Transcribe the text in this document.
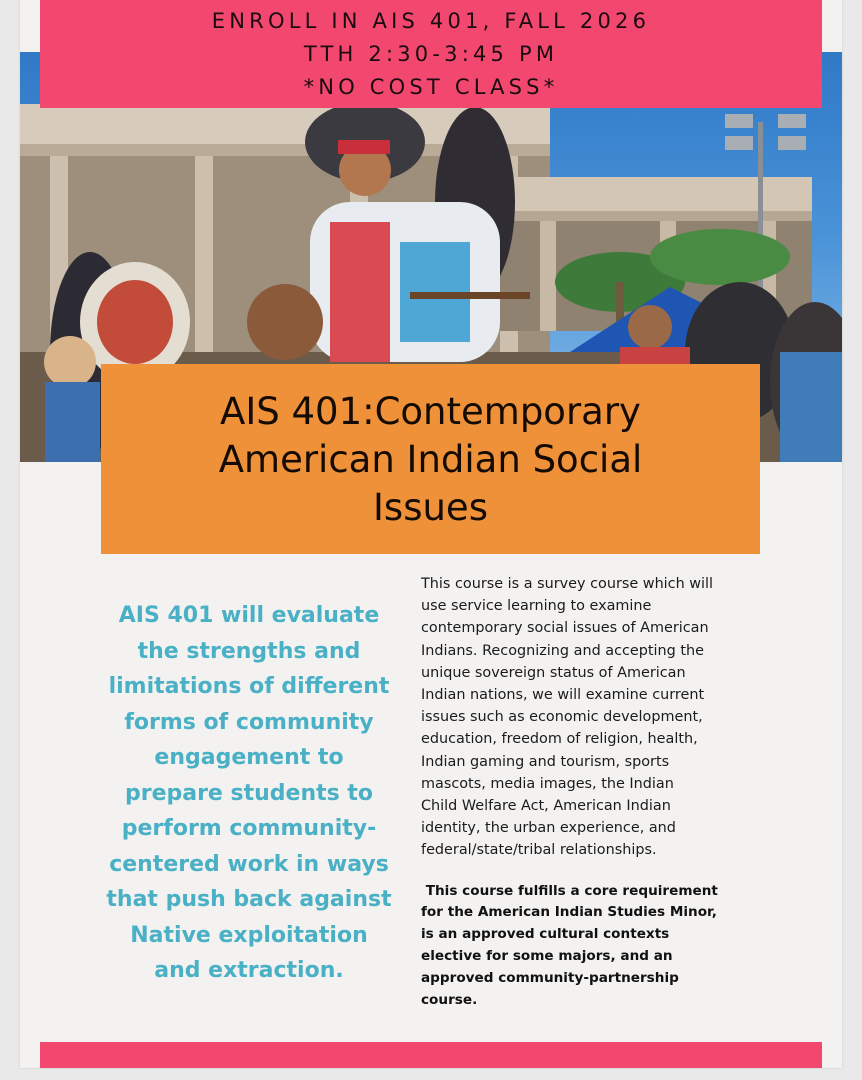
ENROLL IN AIS 401, FALL 2026
TTH 2:30-3:45 PM
*NO COST CLASS*
AIS 401:Contemporary
American Indian Social
Issues
AIS 401 will evaluate
the strengths and
limitations of different
forms of community
engagement to
prepare students to
perform community-
centered work in ways
that push back against
Native exploitation
and extraction.
This course is a survey course which will
use service learning to examine
contemporary social issues of American
Indians. Recognizing and accepting the
unique sovereign status of American
Indian nations, we will examine current
issues such as economic development,
education, freedom of religion, health,
Indian gaming and tourism, sports
mascots, media images, the Indian
Child Welfare Act, American Indian
identity, the urban experience, and
federal/state/tribal relationships.
This course fulfills a core requirement
for the American Indian Studies Minor,
is an approved cultural contexts
elective for some majors, and an
approved community-partnership
course.
